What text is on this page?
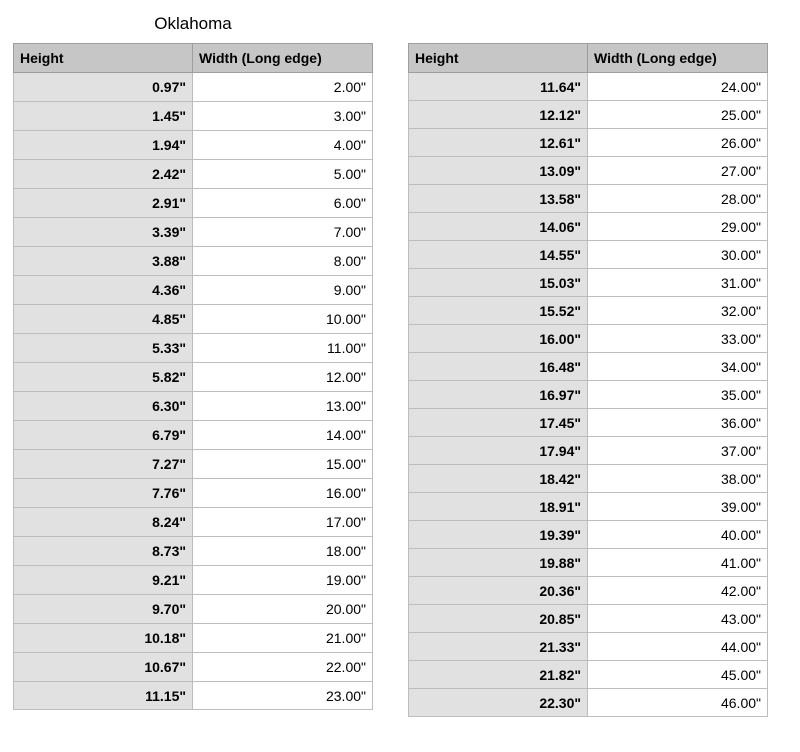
Oklahoma
Height	Width (Long edge)
0.97"	2.00"
1.45"	3.00"
1.94"	4.00"
2.42"	5.00"
2.91"	6.00"
3.39"	7.00"
3.88"	8.00"
4.36"	9.00"
4.85"	10.00"
5.33"	11.00"
5.82"	12.00"
6.30"	13.00"
6.79"	14.00"
7.27"	15.00"
7.76"	16.00"
8.24"	17.00"
8.73"	18.00"
9.21"	19.00"
9.70"	20.00"
10.18"	21.00"
10.67"	22.00"
11.15"	23.00"
Height	Width (Long edge)
11.64"	24.00"
12.12"	25.00"
12.61"	26.00"
13.09"	27.00"
13.58"	28.00"
14.06"	29.00"
14.55"	30.00"
15.03"	31.00"
15.52"	32.00"
16.00"	33.00"
16.48"	34.00"
16.97"	35.00"
17.45"	36.00"
17.94"	37.00"
18.42"	38.00"
18.91"	39.00"
19.39"	40.00"
19.88"	41.00"
20.36"	42.00"
20.85"	43.00"
21.33"	44.00"
21.82"	45.00"
22.30"	46.00"
